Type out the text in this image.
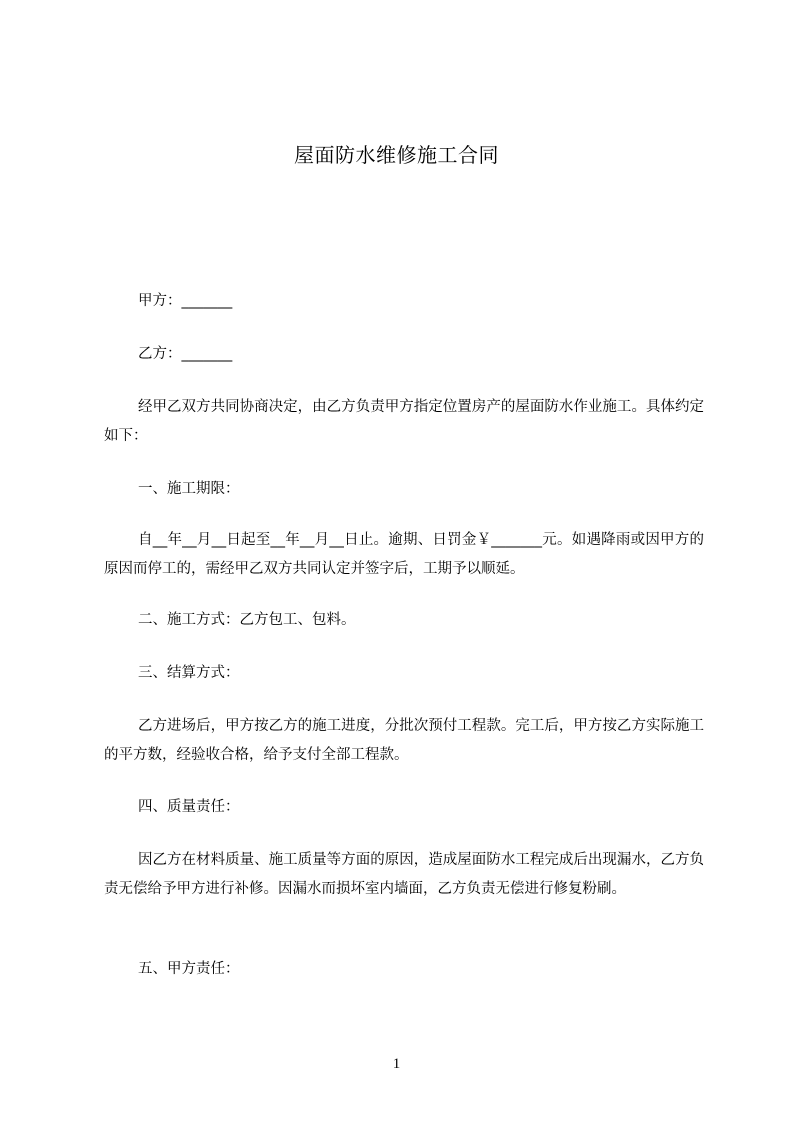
屋面防水维修施工合同
甲方：_______
乙方：_______
经甲乙双方共同协商决定，由乙方负责甲方指定位置房产的屋面防水作业施工。具体约定如下：
一、施工期限：
自__年__月__日起至__年__月__日止。逾期、日罚金￥_______元。如遇降雨或因甲方的原因而停工的，需经甲乙双方共同认定并签字后，工期予以顺延。
二、施工方式：乙方包工、包料。
三、结算方式：
乙方进场后，甲方按乙方的施工进度，分批次预付工程款。完工后，甲方按乙方实际施工的平方数，经验收合格，给予支付全部工程款。
四、质量责任：
因乙方在材料质量、施工质量等方面的原因，造成屋面防水工程完成后出现漏水，乙方负责无偿给予甲方进行补修。因漏水而损坏室内墙面，乙方负责无偿进行修复粉刷。
五、甲方责任：
1
